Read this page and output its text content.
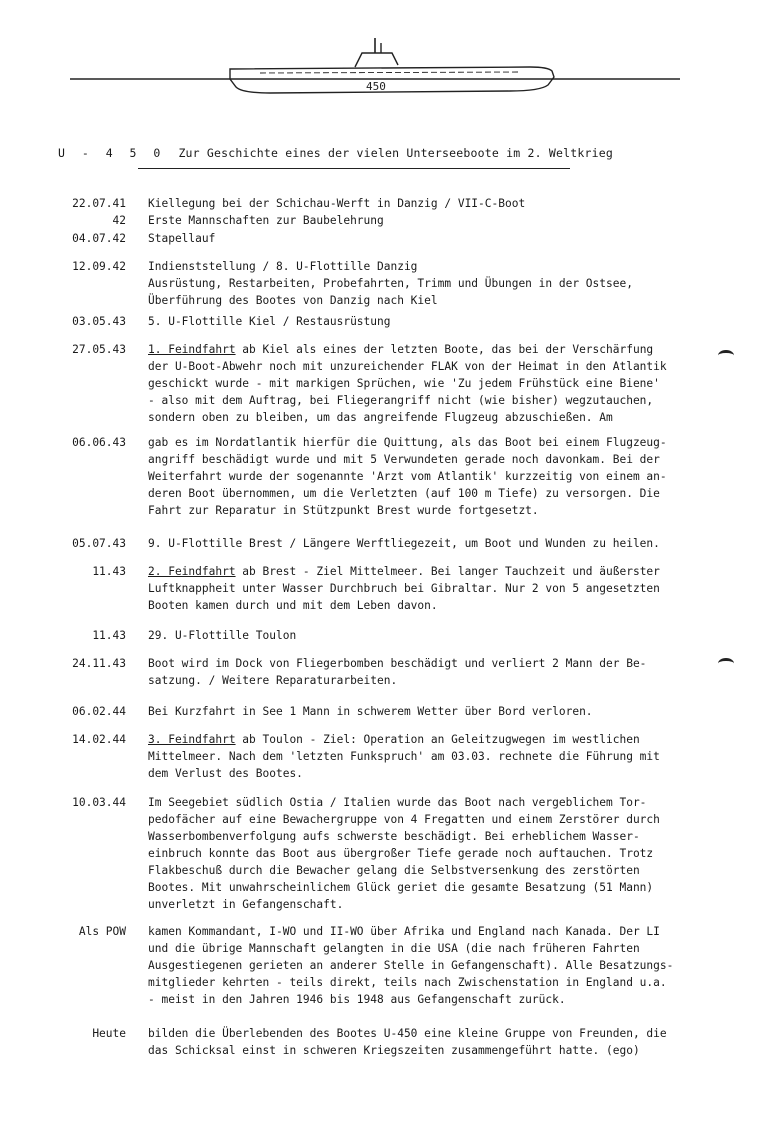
450
U - 4 5 0 Zur Geschichte eines der vielen Unterseeboote im 2. Weltkrieg
22.07.41 Kiellegung bei der Schichau-Werft in Danzig / VII-C-Boot
42 Erste Mannschaften zur Baubelehrung
04.07.42 Stapellauf
12.09.42 Indienststellung / 8. U-Flottille Danzig
Ausrüstung, Restarbeiten, Probefahrten, Trimm und Übungen in der Ostsee,
Überführung des Bootes von Danzig nach Kiel
03.05.43 5. U-Flottille Kiel / Restausrüstung
27.05.43 1. Feindfahrt ab Kiel als eines der letzten Boote, das bei der Verschärfung
der U-Boot-Abwehr noch mit unzureichender FLAK von der Heimat in den Atlantik
geschickt wurde - mit markigen Sprüchen, wie 'Zu jedem Frühstück eine Biene'
- also mit dem Auftrag, bei Fliegerangriff nicht (wie bisher) wegzutauchen,
sondern oben zu bleiben, um das angreifende Flugzeug abzuschießen. Am
06.06.43 gab es im Nordatlantik hierfür die Quittung, als das Boot bei einem Flugzeug-
angriff beschädigt wurde und mit 5 Verwundeten gerade noch davonkam. Bei der
Weiterfahrt wurde der sogenannte 'Arzt vom Atlantik' kurzzeitig von einem an-
deren Boot übernommen, um die Verletzten (auf 100 m Tiefe) zu versorgen. Die
Fahrt zur Reparatur in Stützpunkt Brest wurde fortgesetzt.
05.07.43 9. U-Flottille Brest / Längere Werftliegezeit, um Boot und Wunden zu heilen.
11.43 2. Feindfahrt ab Brest - Ziel Mittelmeer. Bei langer Tauchzeit und äußerster
Luftknappheit unter Wasser Durchbruch bei Gibraltar. Nur 2 von 5 angesetzten
Booten kamen durch und mit dem Leben davon.
11.43 29. U-Flottille Toulon
24.11.43 Boot wird im Dock von Fliegerbomben beschädigt und verliert 2 Mann der Be-
satzung. / Weitere Reparaturarbeiten.
06.02.44 Bei Kurzfahrt in See 1 Mann in schwerem Wetter über Bord verloren.
14.02.44 3. Feindfahrt ab Toulon - Ziel: Operation an Geleitzugwegen im westlichen
Mittelmeer. Nach dem 'letzten Funkspruch' am 03.03. rechnete die Führung mit
dem Verlust des Bootes.
10.03.44 Im Seegebiet südlich Ostia / Italien wurde das Boot nach vergeblichem Tor-
pedofächer auf eine Bewachergruppe von 4 Fregatten und einem Zerstörer durch
Wasserbombenverfolgung aufs schwerste beschädigt. Bei erheblichem Wasser-
einbruch konnte das Boot aus übergroßer Tiefe gerade noch auftauchen. Trotz
Flakbeschuß durch die Bewacher gelang die Selbstversenkung des zerstörten
Bootes. Mit unwahrscheinlichem Glück geriet die gesamte Besatzung (51 Mann)
unverletzt in Gefangenschaft.
Als POW kamen Kommandant, I-WO und II-WO über Afrika und England nach Kanada. Der LI
und die übrige Mannschaft gelangten in die USA (die nach früheren Fahrten
Ausgestiegenen gerieten an anderer Stelle in Gefangenschaft). Alle Besatzungs-
mitglieder kehrten - teils direkt, teils nach Zwischenstation in England u.a.
- meist in den Jahren 1946 bis 1948 aus Gefangenschaft zurück.
Heute bilden die Überlebenden des Bootes U-450 eine kleine Gruppe von Freunden, die
das Schicksal einst in schweren Kriegszeiten zusammengeführt hatte. (ego)
